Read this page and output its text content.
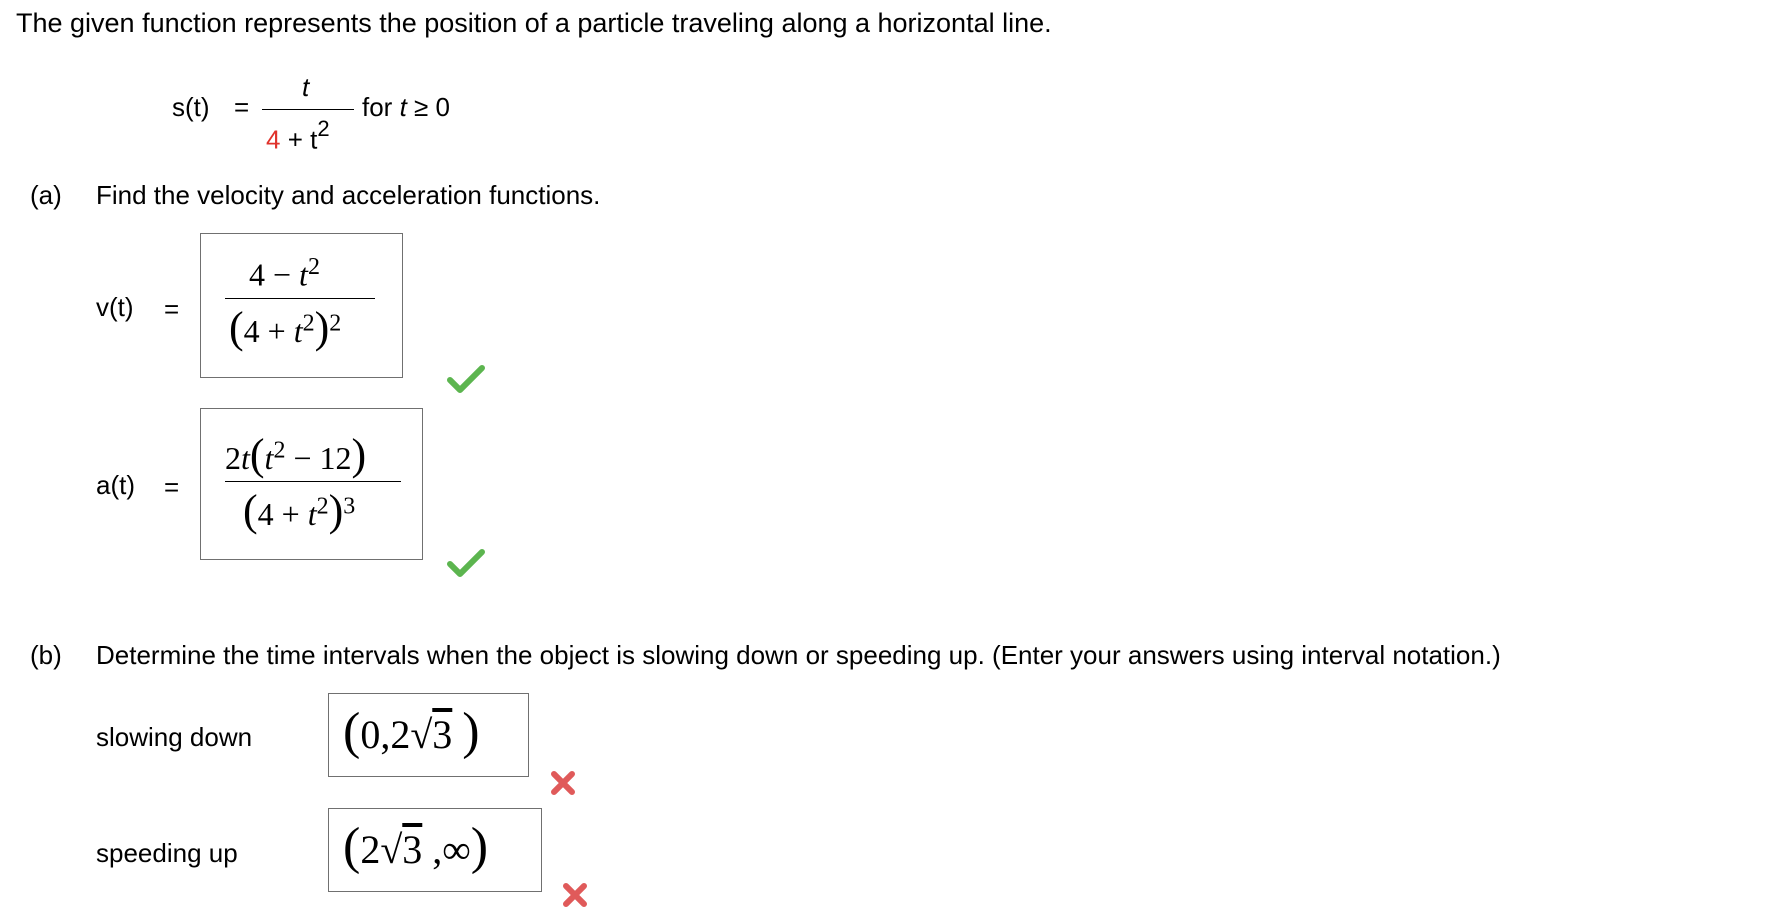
The given function represents the position of a particle traveling along a horizontal line.
s(t) =
t
$4 + t^2$
for t ≥ 0
(a) Find the velocity and acceleration functions.
v(t) =
$4 - t^2$
$(4 + t^2)^2$
a(t) =
$2t(t^2 - 12)$
$(4 + t^2)^3$
(b) Determine the time intervals when the object is slowing down or speeding up. (Enter your answers using interval notation.)
slowing down (0,2√3 )
speeding up (2√3 ,∞)
